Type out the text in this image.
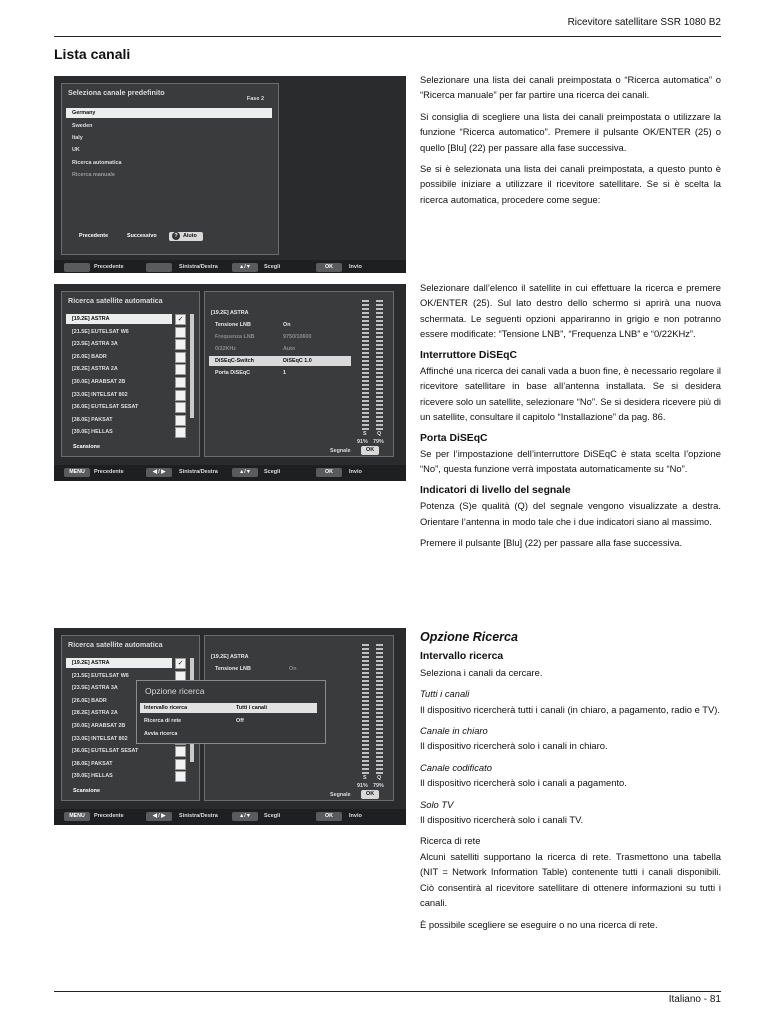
Ricevitore satellitare SSR 1080 B2
Lista canali
Seleziona canale predefinito
Fase 2
Germany
Sweden
Italy
UK
Ricerca automatica
Ricerca manuale
Precedente	Successivo	? Aiuto
Precedente	Sinistra/Destra	▲/▼	Scegli	OK	Invio
Ricerca satellite automatica
[19.2E] ASTRA	✓
[21.5E] EUTELSAT W6
[23.5E] ASTRA 3A
[26.0E] BADR
[28.2E] ASTRA 2A
[30.0E] ARABSAT 2B
[33.0E] INTELSAT 802
[36.0E] EUTELSAT SESAT
[38.0E] PAKSAT
[39.0E] HELLAS
Scansione
[19.2E] ASTRA
Tensione LNB	On
Frequenza LNB	9750/10600
0/22KHz	Auto
DiSEqC-Switch	DiSEqC 1.0
Porta DiSEqC	1
S Q
91% 79%
Segnale	OK
MENU	Precedente	◀ / ▶	Sinistra/Destra	▲/▼	Scegli	OK	Invio
Ricerca satellite automatica
[19.2E] ASTRA	✓
[21.5E] EUTELSAT W6
[23.5E] ASTRA 3A
[26.0E] BADR
[28.2E] ASTRA 2A
[30.0E] ARABSAT 2B
[33.0E] INTELSAT 802
[36.0E] EUTELSAT SESAT
[38.0E] PAKSAT
[39.0E] HELLAS
Scansione
[19.2E] ASTRA
Tensione LNB	On
S Q
91% 79%
Segnale	OK
Opzione ricerca
Intervallo ricerca	Tutti i canali
Ricerca di rete	Off
Avvia ricerca
MENU	Precedente	◀ / ▶	Sinistra/Destra	▲/▼	Scegli	OK	Invio

Selezionare una lista dei canali preimpostata o “Ricerca automatica” o “Ricerca manuale” per far partire una ricerca dei canali.

Si consiglia di scegliere una lista dei canali preimpostata o utilizzare la funzione “Ricerca automatico”. Premere il pulsante OK/ENTER (25) o quello [Blu] (22) per passare alla fase successiva.

Se si è selezionata una lista dei canali preimpostata, a questo punto è possibile iniziare a utilizzare il ricevitore satellitare. Se si è scelta la ricerca automatica, procedere come segue:

Selezionare dall’elenco il satellite in cui effettuare la ricerca e premere OK/ENTER (25). Sul lato destro dello schermo si aprirà una nuova schermata. Le seguenti opzioni appariranno in grigio e non potranno essere modificate: “Tensione LNB”, “Frequenza LNB” e “0/22KHz”.

Interruttore DiSEqC

Affinché una ricerca dei canali vada a buon fine, è necessario regolare il ricevitore satellitare in base all’antenna installata. Se si desidera ricevere solo un satellite, selezionare “No”. Se si desidera ricevere più di un satellite, consultare il capitolo “Installazione” da pag. 86.

Porta DiSEqC

Se per l’impostazione dell’interruttore DiSEqC è stata scelta l’opzione “No”, questa funzione verrà impostata automaticamente su “No”.

Indicatori di livello del segnale

Potenza (S)e qualità (Q) del segnale vengono visualizzate a destra. Orientare l’antenna in modo tale che i due indicatori siano al massimo.

Premere il pulsante [Blu] (22) per passare alla fase successiva.

Opzione Ricerca
Intervallo ricerca

Seleziona i canali da cercare.

Tutti i canali

Il dispositivo ricercherà tutti i canali (in chiaro, a pagamento, radio e TV).

Canale in chiaro

Il dispositivo ricercherà solo i canali in chiaro.

Canale codificato

Il dispositivo ricercherà solo i canali a pagamento.

Solo TV

Il dispositivo ricercherà solo i canali TV.

Ricerca di rete

Alcuni satelliti supportano la ricerca di rete. Trasmettono una tabella (NIT = Network Information Table) contenente tutti i canali disponibili. Ciò consentirà al ricevitore satellitare di ottenere informazioni su tutti i canali.

È possibile scegliere se eseguire o no una ricerca di rete.

Italiano - 81
